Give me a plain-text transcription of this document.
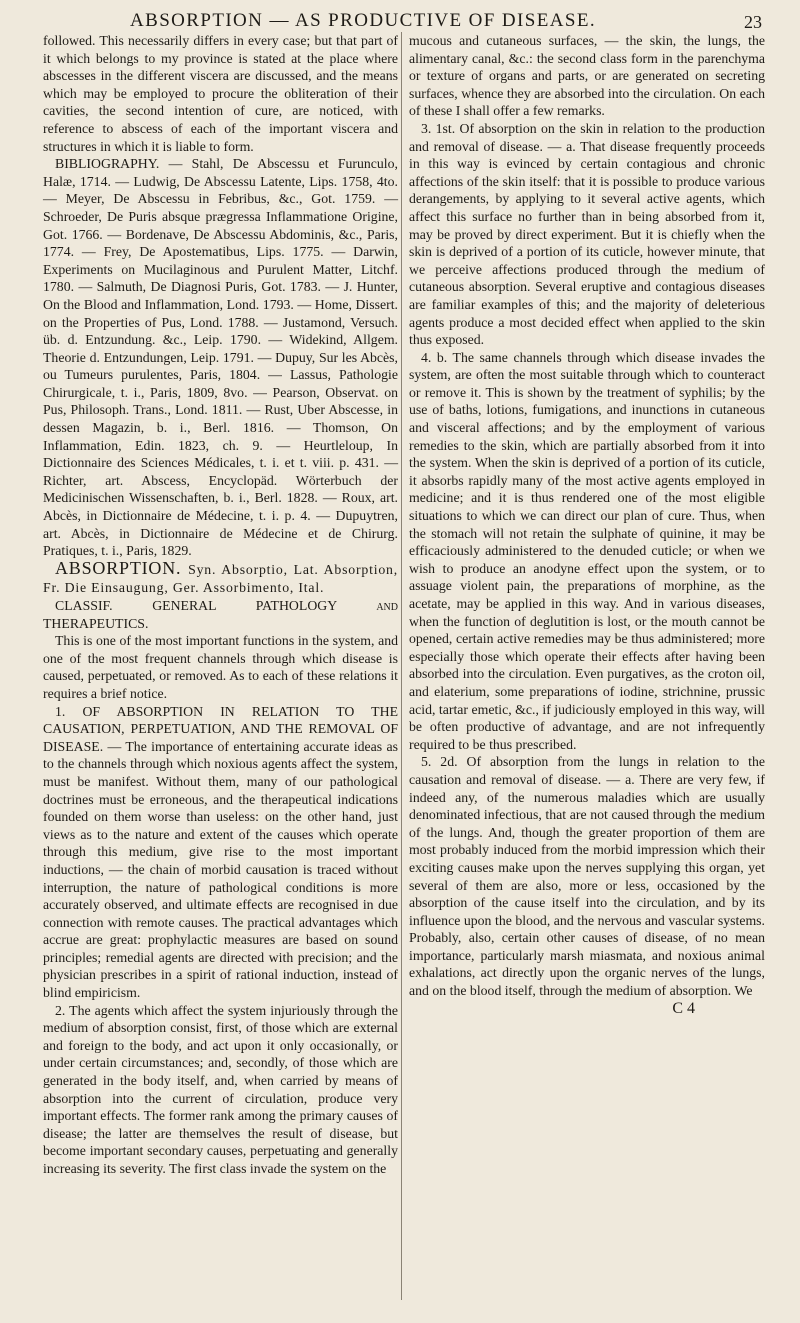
ABSORPTION — AS PRODUCTIVE OF DISEASE.	23

followed. This necessarily differs in every case; but that part of it which belongs to my province is stated at the place where abscesses in the different viscera are discussed, and the means which may be employed to procure the obliteration of their cavities, the second intention of cure, are noticed, with reference to abscess of each of the important viscera and structures in which it is liable to form.

BIBLIOGRAPHY. — Stahl, De Abscessu et Furunculo, Halæ, 1714. — Ludwig, De Abscessu Latente, Lips. 1758, 4to. — Meyer, De Abscessu in Febribus, &c., Got. 1759. — Schroeder, De Puris absque prægressa Inflammatione Origine, Got. 1766. — Bordenave, De Abscessu Abdominis, &c., Paris, 1774. — Frey, De Apostematibus, Lips. 1775. — Darwin, Experiments on Mucilaginous and Purulent Matter, Litchf. 1780. — Salmuth, De Diagnosi Puris, Got. 1783. — J. Hunter, On the Blood and Inflammation, Lond. 1793. — Home, Dissert. on the Properties of Pus, Lond. 1788. — Justamond, Versuch. üb. d. Entzundung. &c., Leip. 1790. — Widekind, Allgem. Theorie d. Entzundungen, Leip. 1791. — Dupuy, Sur les Abcès, ou Tumeurs purulentes, Paris, 1804. — Lassus, Pathologie Chirurgicale, t. i., Paris, 1809, 8vo. — Pearson, Observat. on Pus, Philosoph. Trans., Lond. 1811. — Rust, Uber Abscesse, in dessen Magazin, b. i., Berl. 1816. — Thomson, On Inflammation, Edin. 1823, ch. 9. — Heurtleloup, In Dictionnaire des Sciences Médicales, t. i. et t. viii. p. 431. — Richter, art. Abscess, Encyclopäd. Wörterbuch der Medicinischen Wissenschaften, b. i., Berl. 1828. — Roux, art. Abcès, in Dictionnaire de Médecine, t. i. p. 4. — Dupuytren, art. Abcès, in Dictionnaire de Médecine et de Chirurg. Pratiques, t. i., Paris, 1829.

ABSORPTION. Syn. Absorptio, Lat. Absorption, Fr. Die Einsaugung, Ger. Assorbimento, Ital.

CLASSIF. GENERAL PATHOLOGY and THERAPEUTICS.

This is one of the most important functions in the system, and one of the most frequent channels through which disease is caused, perpetuated, or removed. As to each of these relations it requires a brief notice.

1. OF ABSORPTION IN RELATION TO THE CAUSATION, PERPETUATION, AND THE REMOVAL OF DISEASE. — The importance of entertaining accurate ideas as to the channels through which noxious agents affect the system, must be manifest. Without them, many of our pathological doctrines must be erroneous, and the therapeutical indications founded on them worse than useless: on the other hand, just views as to the nature and extent of the causes which operate through this medium, give rise to the most important inductions, — the chain of morbid causation is traced without interruption, the nature of pathological conditions is more accurately observed, and ultimate effects are recognised in due connection with remote causes. The practical advantages which accrue are great: prophylactic measures are based on sound principles; remedial agents are directed with precision; and the physician prescribes in a spirit of rational induction, instead of blind empiricism.

2. The agents which affect the system injuriously through the medium of absorption consist, first, of those which are external and foreign to the body, and act upon it only occasionally, or under certain circumstances; and, secondly, of those which are generated in the body itself, and, when carried by means of absorption into the current of circulation, produce very important effects. The former rank among the primary causes of disease; the latter are themselves the result of disease, but become important secondary causes, perpetuating and generally increasing its severity. The first class invade the system on the

mucous and cutaneous surfaces, — the skin, the lungs, the alimentary canal, &c.: the second class form in the parenchyma or texture of organs and parts, or are generated on secreting surfaces, whence they are absorbed into the circulation. On each of these I shall offer a few remarks.

3. 1st. Of absorption on the skin in relation to the production and removal of disease. — a. That disease frequently proceeds in this way is evinced by certain contagious and chronic affections of the skin itself: that it is possible to produce various derangements, by applying to it several active agents, which affect this surface no further than in being absorbed from it, may be proved by direct experiment. But it is chiefly when the skin is deprived of a portion of its cuticle, however minute, that we perceive affections produced through the medium of cutaneous absorption. Several eruptive and contagious diseases are familiar examples of this; and the majority of deleterious agents produce a most decided effect when applied to the skin thus exposed.

4. b. The same channels through which disease invades the system, are often the most suitable through which to counteract or remove it. This is shown by the treatment of syphilis; by the use of baths, lotions, fumigations, and inunctions in cutaneous and visceral affections; and by the employment of various remedies to the skin, which are partially absorbed from it into the system. When the skin is deprived of a portion of its cuticle, it absorbs rapidly many of the most active agents employed in medicine; and it is thus rendered one of the most eligible situations to which we can direct our plan of cure. Thus, when the stomach will not retain the sulphate of quinine, it may be efficaciously administered to the denuded cuticle; or when we wish to produce an anodyne effect upon the system, or to assuage violent pain, the preparations of morphine, as the acetate, may be applied in this way. And in various diseases, when the function of deglutition is lost, or the mouth cannot be opened, certain active remedies may be thus administered; more especially those which operate their effects after having been absorbed into the circulation. Even purgatives, as the croton oil, and elaterium, some preparations of iodine, strichnine, prussic acid, tartar emetic, &c., if judiciously employed in this way, will be often productive of advantage, and are not infrequently required to be thus prescribed.

5. 2d. Of absorption from the lungs in relation to the causation and removal of disease. — a. There are very few, if indeed any, of the numerous maladies which are usually denominated infectious, that are not caused through the medium of the lungs. And, though the greater proportion of them are most probably induced from the morbid impression which their exciting causes make upon the nerves supplying this organ, yet several of them are also, more or less, occasioned by the absorption of the cause itself into the circulation, and by its influence upon the blood, and the nervous and vascular systems. Probably, also, certain other causes of disease, of no mean importance, particularly marsh miasmata, and noxious animal exhalations, act directly upon the organic nerves of the lungs, and on the blood itself, through the medium of absorption. We

C 4
